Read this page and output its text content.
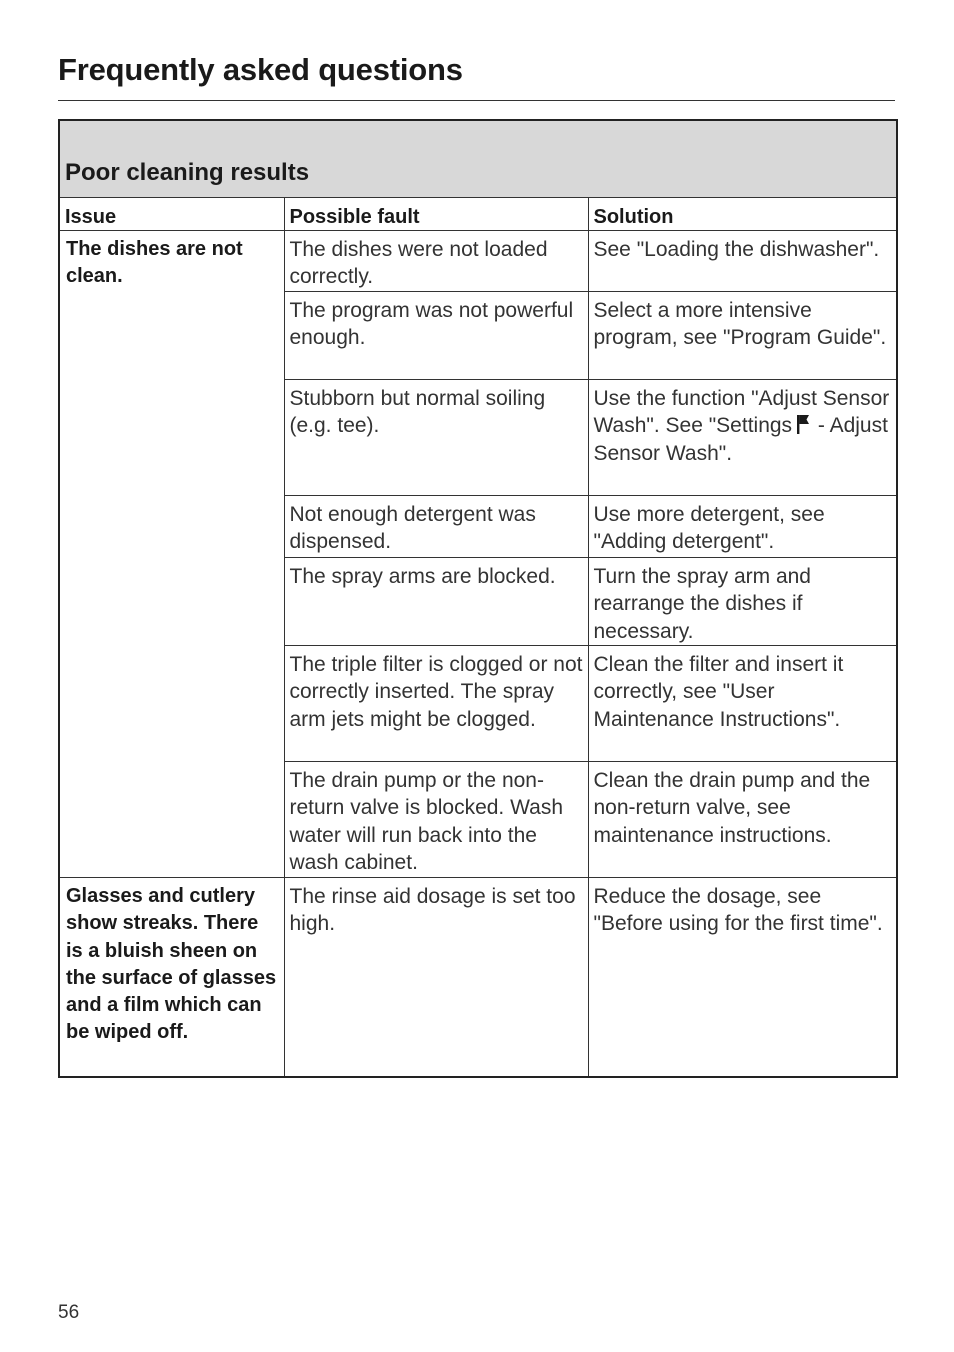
Frequently asked questions
Poor cleaning results		

Issue	Possible fault	Solution
The dishes are not clean.	The dishes were not loaded correctly.	See "Loading the dishwasher".
	The program was not powerful enough.	Select a more intensive program, see "Program Guide".
	Stubborn but normal soiling (e.g. tee).	Use the function "Adjust Sensor Wash". See "Settings - Adjust Sensor Wash".
	Not enough detergent was dispensed.	Use more detergent, see "Adding detergent".
	The spray arms are blocked.	Turn the spray arm and rearrange the dishes if necessary.
	The triple filter is clogged or not correctly inserted. The spray arm jets might be clogged.	Clean the filter and insert it correctly, see "User Maintenance Instructions".
	The drain pump or the non-return valve is blocked. Wash water will run back into the wash cabinet.	Clean the drain pump and the non-return valve, see maintenance instructions.
Glasses and cutlery show streaks. There is a bluish sheen on the surface of glasses and a film which can be wiped off.	The rinse aid dosage is set too high.	Reduce the dosage, see "Before using for the first time".
56
